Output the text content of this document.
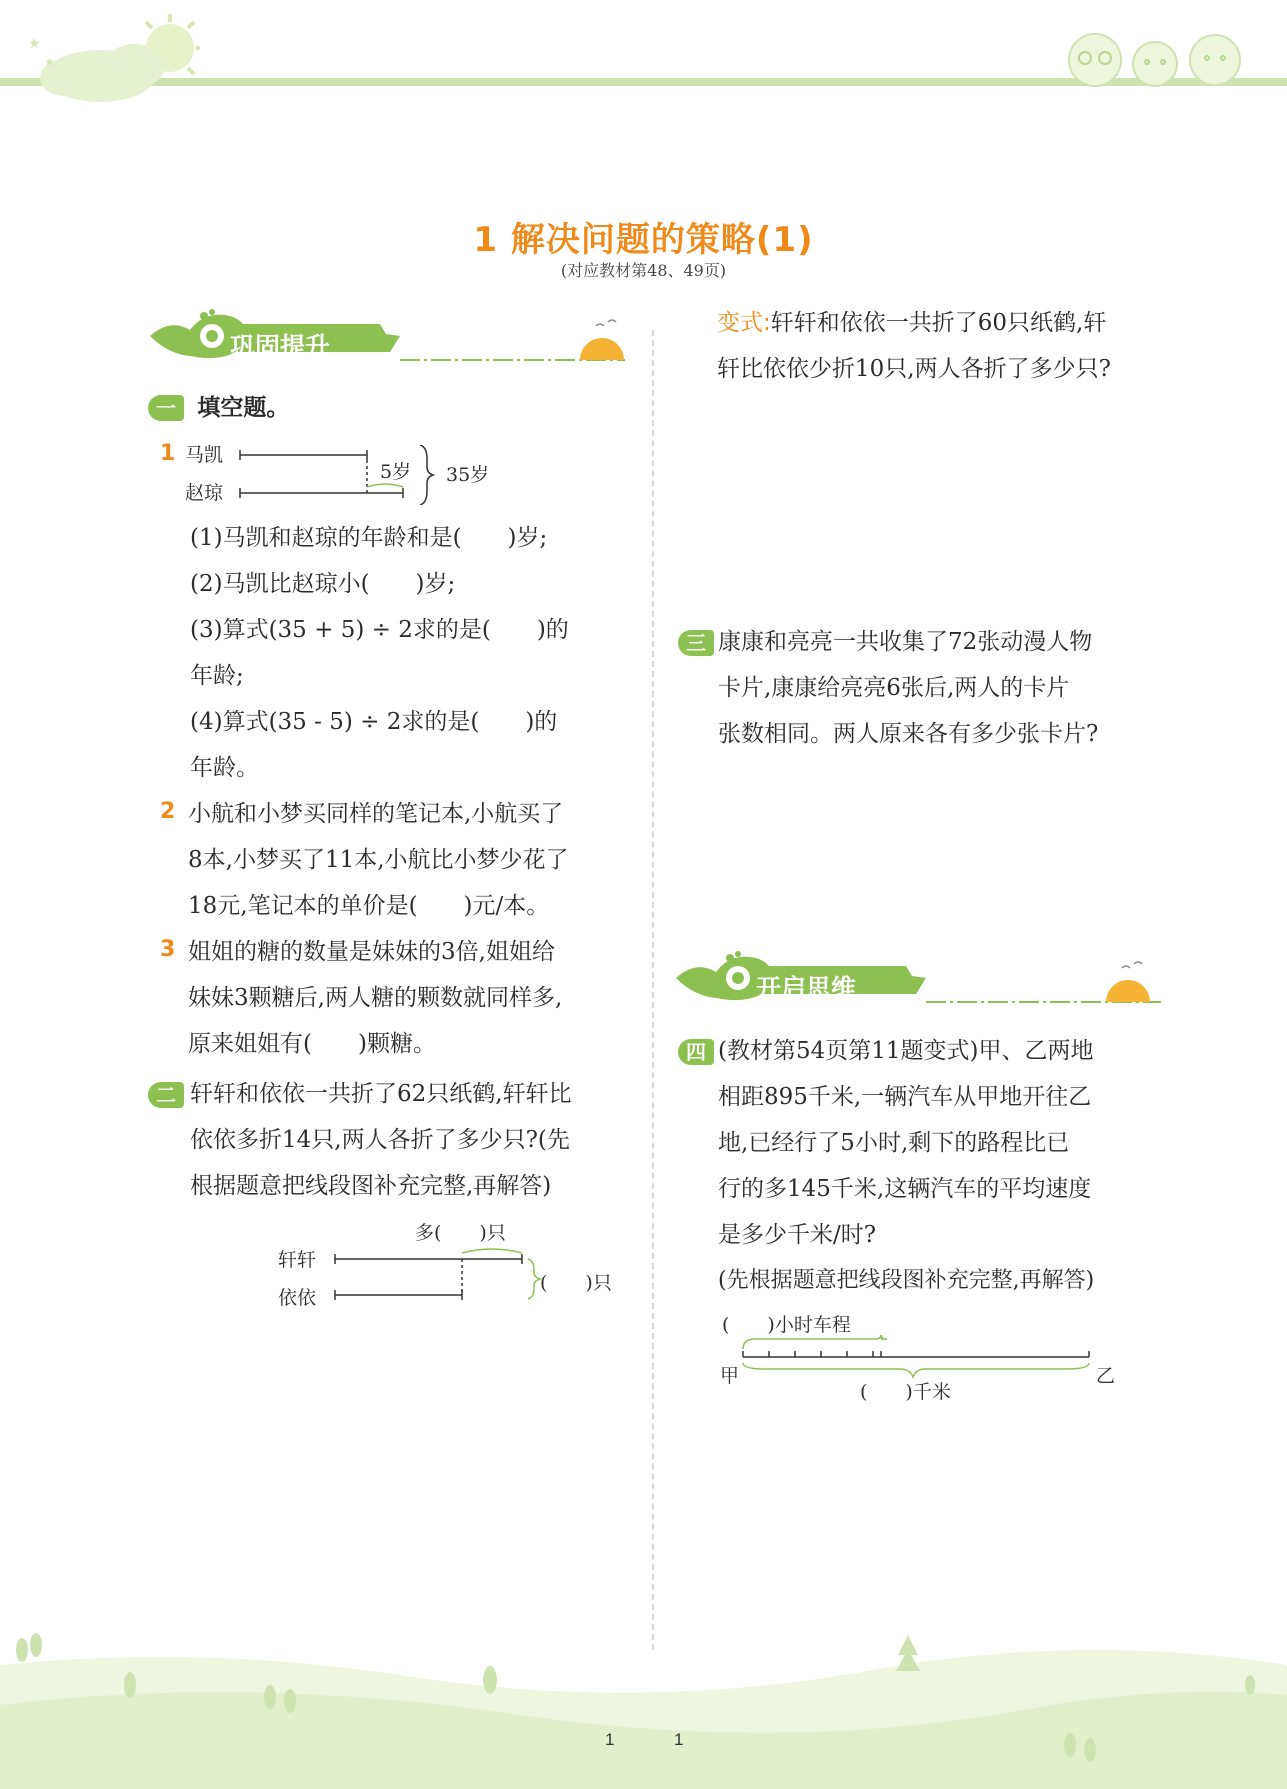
★
★
1 解决问题的策略(1)
(对应教材第48、49页)
巩固提升
一 填空题。
1 马凯
赵琼
5岁 35岁
(1)马凯和赵琼的年龄和是(　　)岁;
(2)马凯比赵琼小(　　)岁;
(3)算式(35 + 5) ÷ 2求的是(　　)的
年龄;
(4)算式(35 - 5) ÷ 2求的是(　　)的
年龄。
2 小航和小梦买同样的笔记本,小航买了
8本,小梦买了11本,小航比小梦少花了
18元,笔记本的单价是(　　)元/本。
3 姐姐的糖的数量是妹妹的3倍,姐姐给
妹妹3颗糖后,两人糖的颗数就同样多,
原来姐姐有(　　)颗糖。
二 轩轩和依依一共折了62只纸鹤,轩轩比
依依多折14只,两人各折了多少只?(先
根据题意把线段图补充完整,再解答)
多(　　)只
轩轩
依依
(　　)只
变式:轩轩和依依一共折了60只纸鹤,轩
轩比依依少折10只,两人各折了多少只?
三 康康和亮亮一共收集了72张动漫人物
卡片,康康给亮亮6张后,两人的卡片
张数相同。两人原来各有多少张卡片?
开启思维
四 (教材第54页第11题变式)甲、乙两地
相距895千米,一辆汽车从甲地开往乙
地,已经行了5小时,剩下的路程比已
行的多145千米,这辆汽车的平均速度
是多少千米/时?
(先根据题意把线段图补充完整,再解答)
(　　)小时车程
甲	乙
(　　)千米
1	1
